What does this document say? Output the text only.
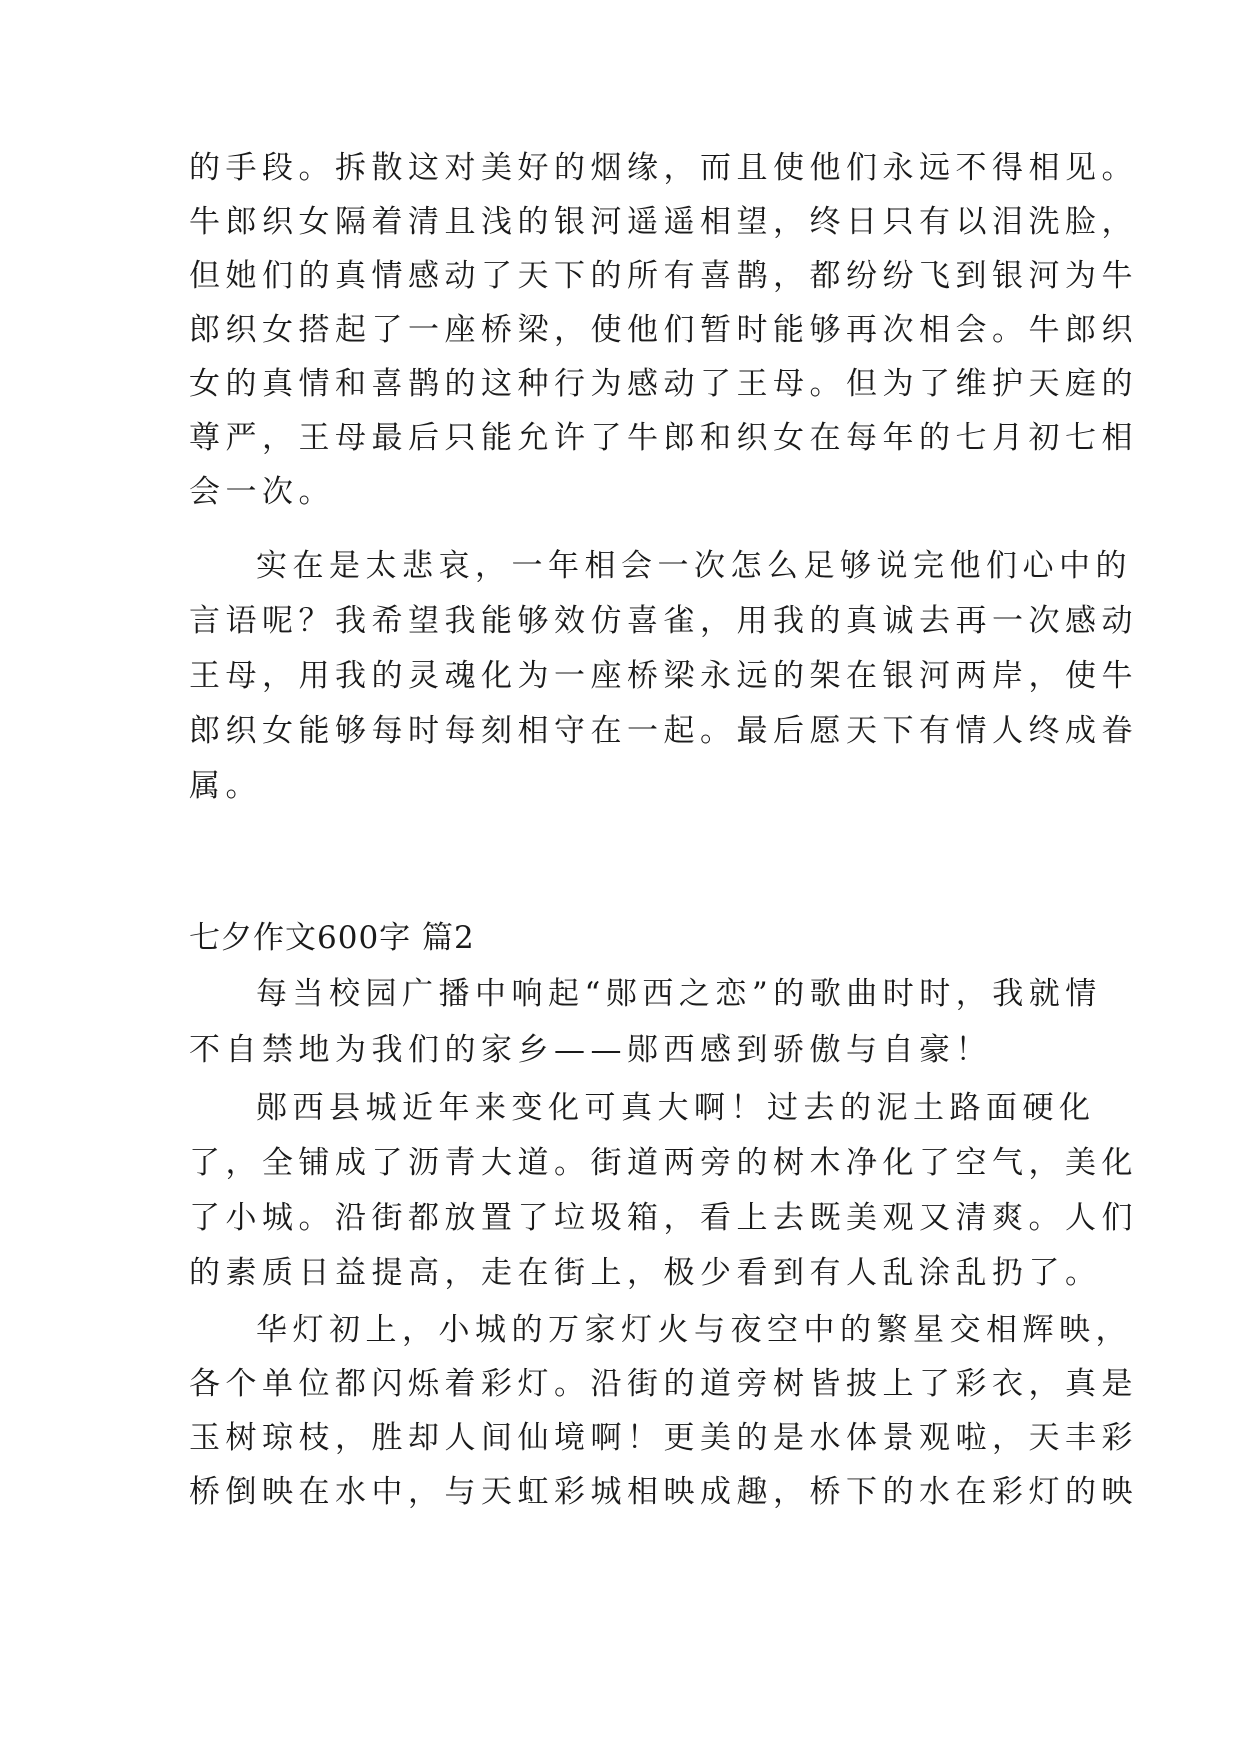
的手段。拆散这对美好的烟缘，而且使他们永远不得相见。
牛郎织女隔着清且浅的银河遥遥相望，终日只有以泪洗脸，
但她们的真情感动了天下的所有喜鹊，都纷纷飞到银河为牛
郎织女搭起了一座桥梁，使他们暂时能够再次相会。牛郎织
女的真情和喜鹊的这种行为感动了王母。但为了维护天庭的
尊严，王母最后只能允许了牛郎和织女在每年的七月初七相
会一次。
实在是太悲哀，一年相会一次怎么足够说完他们心中的
言语呢？我希望我能够效仿喜雀，用我的真诚去再一次感动
王母，用我的灵魂化为一座桥梁永远的架在银河两岸，使牛
郎织女能够每时每刻相守在一起。最后愿天下有情人终成眷
属。
七夕作文600字 篇2
每当校园广播中响起“郧西之恋”的歌曲时时，我就情
不自禁地为我们的家乡——郧西感到骄傲与自豪！
郧西县城近年来变化可真大啊！过去的泥土路面硬化
了，全铺成了沥青大道。街道两旁的树木净化了空气，美化
了小城。沿街都放置了垃圾箱，看上去既美观又清爽。人们
的素质日益提高，走在街上，极少看到有人乱涂乱扔了。
华灯初上，小城的万家灯火与夜空中的繁星交相辉映，
各个单位都闪烁着彩灯。沿街的道旁树皆披上了彩衣，真是
玉树琼枝，胜却人间仙境啊！更美的是水体景观啦，天丰彩
桥倒映在水中，与天虹彩城相映成趣，桥下的水在彩灯的映
